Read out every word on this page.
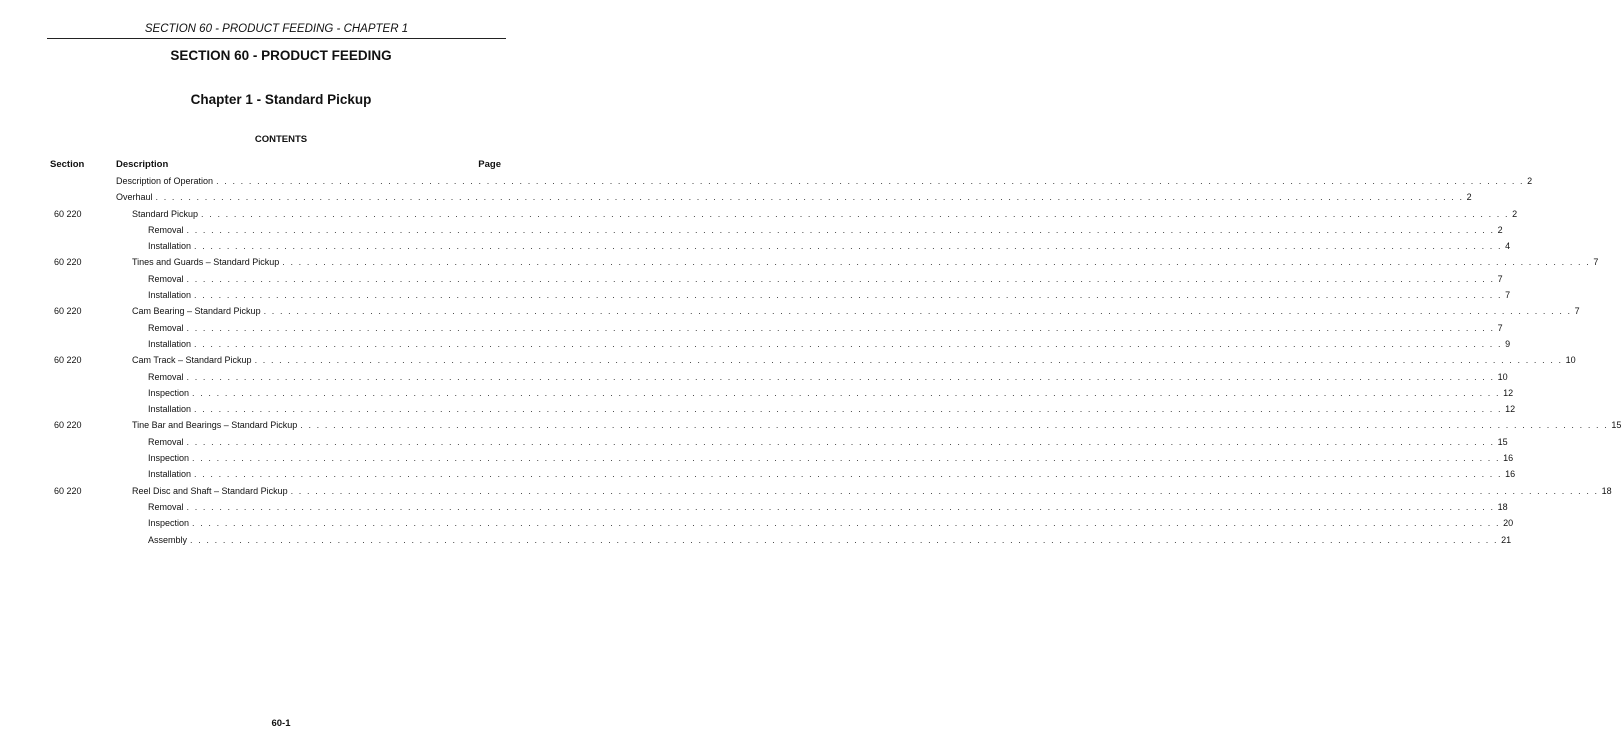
SECTION 60 - PRODUCT FEEDING - CHAPTER 1
SECTION 60 - PRODUCT FEEDING
Chapter 1 - Standard Pickup
CONTENTS
Section	Description	Page
Description of Operation . . . . . . . . . . . . . . . . . . . . . . . . . . . . . . . . . . . . . . . . . . . . . . . . . . . . . . . . . . . . . . . . . . . . . . . . . . . . . . . . . . . . . . . . . . . . . . . . . . . . . . . . . . . . . . . . . . . . . . . . . . . . . . . . . . . . . . . . . . . . . . . . . . . . . . . . . . . . . . . . 2
Overhaul . . . . . . . . . . . . . . . . . . . . . . . . . . . . . . . . . . . . . . . . . . . . . . . . . . . . . . . . . . . . . . . . . . . . . . . . . . . . . . . . . . . . . . . . . . . . . . . . . . . . . . . . . . . . . . . . . . . . . . . . . . . . . . . . . . . . . . . . . . . . . . . . . . . . . . . . . . . . . . . . 2
60 220	Standard Pickup . . . . . . . . . . . . . . . . . . . . . . . . . . . . . . . . . . . . . . . . . . . . . . . . . . . . . . . . . . . . . . . . . . . . . . . . . . . . . . . . . . . . . . . . . . . . . . . . . . . . . . . . . . . . . . . . . . . . . . . . . . . . . . . . . . . . . . . . . . . . . . . . . . . . . . . . . . . . . . . . 2
Removal . . . . . . . . . . . . . . . . . . . . . . . . . . . . . . . . . . . . . . . . . . . . . . . . . . . . . . . . . . . . . . . . . . . . . . . . . . . . . . . . . . . . . . . . . . . . . . . . . . . . . . . . . . . . . . . . . . . . . . . . . . . . . . . . . . . . . . . . . . . . . . . . . . . . . . . . . . . . . . . . 2
Installation . . . . . . . . . . . . . . . . . . . . . . . . . . . . . . . . . . . . . . . . . . . . . . . . . . . . . . . . . . . . . . . . . . . . . . . . . . . . . . . . . . . . . . . . . . . . . . . . . . . . . . . . . . . . . . . . . . . . . . . . . . . . . . . . . . . . . . . . . . . . . . . . . . . . . . . . . . . . . . . . 4
60 220	Tines and Guards – Standard Pickup . . . . . . . . . . . . . . . . . . . . . . . . . . . . . . . . . . . . . . . . . . . . . . . . . . . . . . . . . . . . . . . . . . . . . . . . . . . . . . . . . . . . . . . . . . . . . . . . . . . . . . . . . . . . . . . . . . . . . . . . . . . . . . . . . . . . . . . . . . . . . . . . . . . . . . . . . . . . . . . . 7
Removal . . . . . . . . . . . . . . . . . . . . . . . . . . . . . . . . . . . . . . . . . . . . . . . . . . . . . . . . . . . . . . . . . . . . . . . . . . . . . . . . . . . . . . . . . . . . . . . . . . . . . . . . . . . . . . . . . . . . . . . . . . . . . . . . . . . . . . . . . . . . . . . . . . . . . . . . . . . . . . . . 7
Installation . . . . . . . . . . . . . . . . . . . . . . . . . . . . . . . . . . . . . . . . . . . . . . . . . . . . . . . . . . . . . . . . . . . . . . . . . . . . . . . . . . . . . . . . . . . . . . . . . . . . . . . . . . . . . . . . . . . . . . . . . . . . . . . . . . . . . . . . . . . . . . . . . . . . . . . . . . . . . . . . 7
60 220	Cam Bearing – Standard Pickup . . . . . . . . . . . . . . . . . . . . . . . . . . . . . . . . . . . . . . . . . . . . . . . . . . . . . . . . . . . . . . . . . . . . . . . . . . . . . . . . . . . . . . . . . . . . . . . . . . . . . . . . . . . . . . . . . . . . . . . . . . . . . . . . . . . . . . . . . . . . . . . . . . . . . . . . . . . . . . . . 7
Removal . . . . . . . . . . . . . . . . . . . . . . . . . . . . . . . . . . . . . . . . . . . . . . . . . . . . . . . . . . . . . . . . . . . . . . . . . . . . . . . . . . . . . . . . . . . . . . . . . . . . . . . . . . . . . . . . . . . . . . . . . . . . . . . . . . . . . . . . . . . . . . . . . . . . . . . . . . . . . . . . 7
Installation . . . . . . . . . . . . . . . . . . . . . . . . . . . . . . . . . . . . . . . . . . . . . . . . . . . . . . . . . . . . . . . . . . . . . . . . . . . . . . . . . . . . . . . . . . . . . . . . . . . . . . . . . . . . . . . . . . . . . . . . . . . . . . . . . . . . . . . . . . . . . . . . . . . . . . . . . . . . . . . . 9
60 220	Cam Track – Standard Pickup . . . . . . . . . . . . . . . . . . . . . . . . . . . . . . . . . . . . . . . . . . . . . . . . . . . . . . . . . . . . . . . . . . . . . . . . . . . . . . . . . . . . . . . . . . . . . . . . . . . . . . . . . . . . . . . . . . . . . . . . . . . . . . . . . . . . . . . . . . . . . . . . . . . . . . . . . . . . . . . . 10
Removal . . . . . . . . . . . . . . . . . . . . . . . . . . . . . . . . . . . . . . . . . . . . . . . . . . . . . . . . . . . . . . . . . . . . . . . . . . . . . . . . . . . . . . . . . . . . . . . . . . . . . . . . . . . . . . . . . . . . . . . . . . . . . . . . . . . . . . . . . . . . . . . . . . . . . . . . . . . . . . . . 10
Inspection . . . . . . . . . . . . . . . . . . . . . . . . . . . . . . . . . . . . . . . . . . . . . . . . . . . . . . . . . . . . . . . . . . . . . . . . . . . . . . . . . . . . . . . . . . . . . . . . . . . . . . . . . . . . . . . . . . . . . . . . . . . . . . . . . . . . . . . . . . . . . . . . . . . . . . . . . . . . . . . . 12
Installation . . . . . . . . . . . . . . . . . . . . . . . . . . . . . . . . . . . . . . . . . . . . . . . . . . . . . . . . . . . . . . . . . . . . . . . . . . . . . . . . . . . . . . . . . . . . . . . . . . . . . . . . . . . . . . . . . . . . . . . . . . . . . . . . . . . . . . . . . . . . . . . . . . . . . . . . . . . . . . . . 12
60 220	Tine Bar and Bearings – Standard Pickup . . . . . . . . . . . . . . . . . . . . . . . . . . . . . . . . . . . . . . . . . . . . . . . . . . . . . . . . . . . . . . . . . . . . . . . . . . . . . . . . . . . . . . . . . . . . . . . . . . . . . . . . . . . . . . . . . . . . . . . . . . . . . . . . . . . . . . . . . . . . . . . . . . . . . . . . . . . . . . . . 15
Removal . . . . . . . . . . . . . . . . . . . . . . . . . . . . . . . . . . . . . . . . . . . . . . . . . . . . . . . . . . . . . . . . . . . . . . . . . . . . . . . . . . . . . . . . . . . . . . . . . . . . . . . . . . . . . . . . . . . . . . . . . . . . . . . . . . . . . . . . . . . . . . . . . . . . . . . . . . . . . . . . 15
Inspection . . . . . . . . . . . . . . . . . . . . . . . . . . . . . . . . . . . . . . . . . . . . . . . . . . . . . . . . . . . . . . . . . . . . . . . . . . . . . . . . . . . . . . . . . . . . . . . . . . . . . . . . . . . . . . . . . . . . . . . . . . . . . . . . . . . . . . . . . . . . . . . . . . . . . . . . . . . . . . . . 16
Installation . . . . . . . . . . . . . . . . . . . . . . . . . . . . . . . . . . . . . . . . . . . . . . . . . . . . . . . . . . . . . . . . . . . . . . . . . . . . . . . . . . . . . . . . . . . . . . . . . . . . . . . . . . . . . . . . . . . . . . . . . . . . . . . . . . . . . . . . . . . . . . . . . . . . . . . . . . . . . . . . 16
60 220	Reel Disc and Shaft – Standard Pickup . . . . . . . . . . . . . . . . . . . . . . . . . . . . . . . . . . . . . . . . . . . . . . . . . . . . . . . . . . . . . . . . . . . . . . . . . . . . . . . . . . . . . . . . . . . . . . . . . . . . . . . . . . . . . . . . . . . . . . . . . . . . . . . . . . . . . . . . . . . . . . . . . . . . . . . . . . . . . . . . 18
Removal . . . . . . . . . . . . . . . . . . . . . . . . . . . . . . . . . . . . . . . . . . . . . . . . . . . . . . . . . . . . . . . . . . . . . . . . . . . . . . . . . . . . . . . . . . . . . . . . . . . . . . . . . . . . . . . . . . . . . . . . . . . . . . . . . . . . . . . . . . . . . . . . . . . . . . . . . . . . . . . . 18
Inspection . . . . . . . . . . . . . . . . . . . . . . . . . . . . . . . . . . . . . . . . . . . . . . . . . . . . . . . . . . . . . . . . . . . . . . . . . . . . . . . . . . . . . . . . . . . . . . . . . . . . . . . . . . . . . . . . . . . . . . . . . . . . . . . . . . . . . . . . . . . . . . . . . . . . . . . . . . . . . . . . 20
Assembly . . . . . . . . . . . . . . . . . . . . . . . . . . . . . . . . . . . . . . . . . . . . . . . . . . . . . . . . . . . . . . . . . . . . . . . . . . . . . . . . . . . . . . . . . . . . . . . . . . . . . . . . . . . . . . . . . . . . . . . . . . . . . . . . . . . . . . . . . . . . . . . . . . . . . . . . . . . . . . . . 21
60-1
